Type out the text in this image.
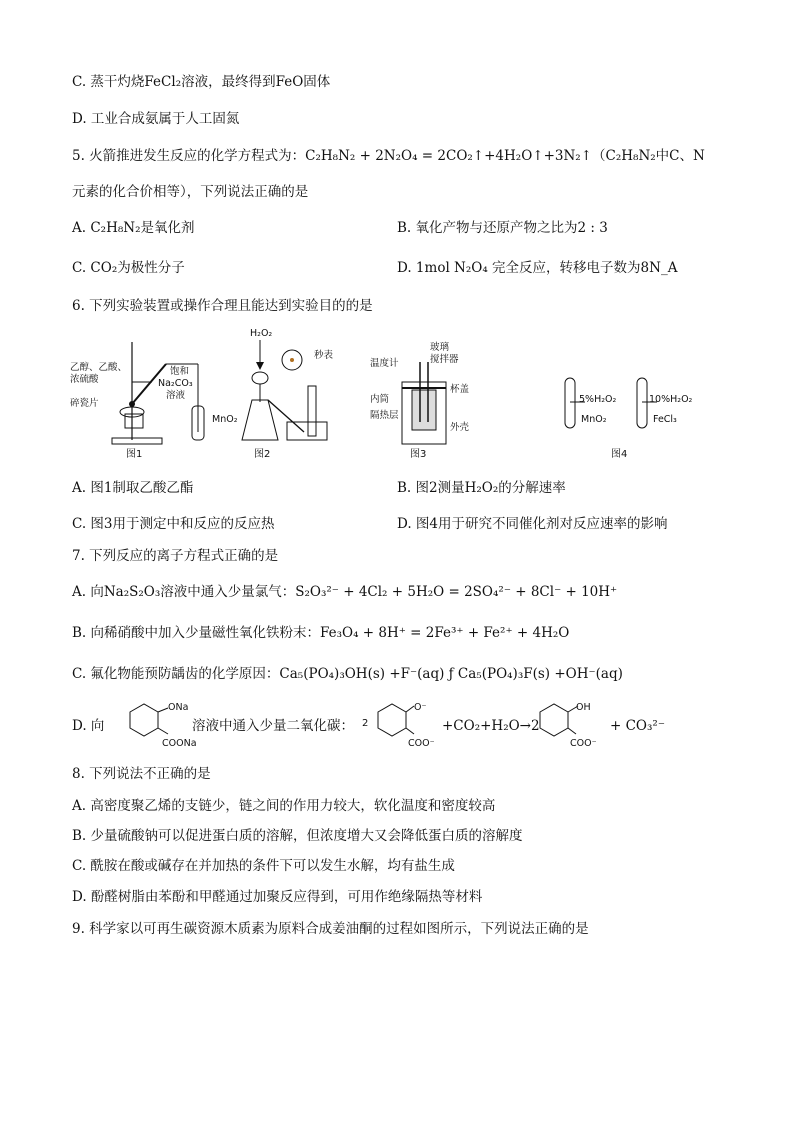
C. 蒸干灼烧FeCl₂溶液，最终得到FeO固体
D. 工业合成氨属于人工固氮
5. 火箭推进发生反应的化学方程式为：C₂H₈N₂ + 2N₂O₄ = 2CO₂↑+4H₂O↑+3N₂↑（C₂H₈N₂中C、N
元素的化合价相等），下列说法正确的是
A. C₂H₈N₂是氧化剂	B. 氧化产物与还原产物之比为2 : 3
C. CO₂为极性分子	D. 1mol N₂O₄ 完全反应，转移电子数为8N_A
6. 下列实验装置或操作合理且能达到实验目的的是
乙醇、乙酸、
浓硫酸
碎瓷片
饱和
Na₂CO₃
溶液
图1
H₂O₂
秒表
MnO₂
图2
温度计
玻璃
搅拌器
内筒
杯盖
隔热层
外壳
图3
5%H₂O₂
MnO₂
10%H₂O₂
FeCl₃
图4
A. 图1制取乙酸乙酯	B. 图2测量H₂O₂的分解速率
C. 图3用于测定中和反应的反应热	D. 图4用于研究不同催化剂对反应速率的影响
7. 下列反应的离子方程式正确的是
A. 向Na₂S₂O₃溶液中通入少量氯气：S₂O₃²⁻ + 4Cl₂ + 5H₂O = 2SO₄²⁻ + 8Cl⁻ + 10H⁺
B. 向稀硝酸中加入少量磁性氧化铁粉末：Fe₃O₄ + 8H⁺ = 2Fe³⁺ + Fe²⁺ + 4H₂O
C. 氟化物能预防龋齿的化学原因：Ca₅(PO₄)₃OH(s) +F⁻(aq) ƒ Ca₅(PO₄)₃F(s) +OH⁻(aq)
D. 向
ONa
COONa
溶液中通入少量二氧化碳： 2
O⁻
COO⁻
+CO₂+H₂O→2
OH
COO⁻
+ CO₃²⁻
8. 下列说法不正确的是
A. 高密度聚乙烯的支链少，链之间的作用力较大，软化温度和密度较高
B. 少量硫酸钠可以促进蛋白质的溶解，但浓度增大又会降低蛋白质的溶解度
C. 酰胺在酸或碱存在并加热的条件下可以发生水解，均有盐生成
D. 酚醛树脂由苯酚和甲醛通过加聚反应得到，可用作绝缘隔热等材料
9. 科学家以可再生碳资源木质素为原料合成姜油酮的过程如图所示，下列说法正确的是
